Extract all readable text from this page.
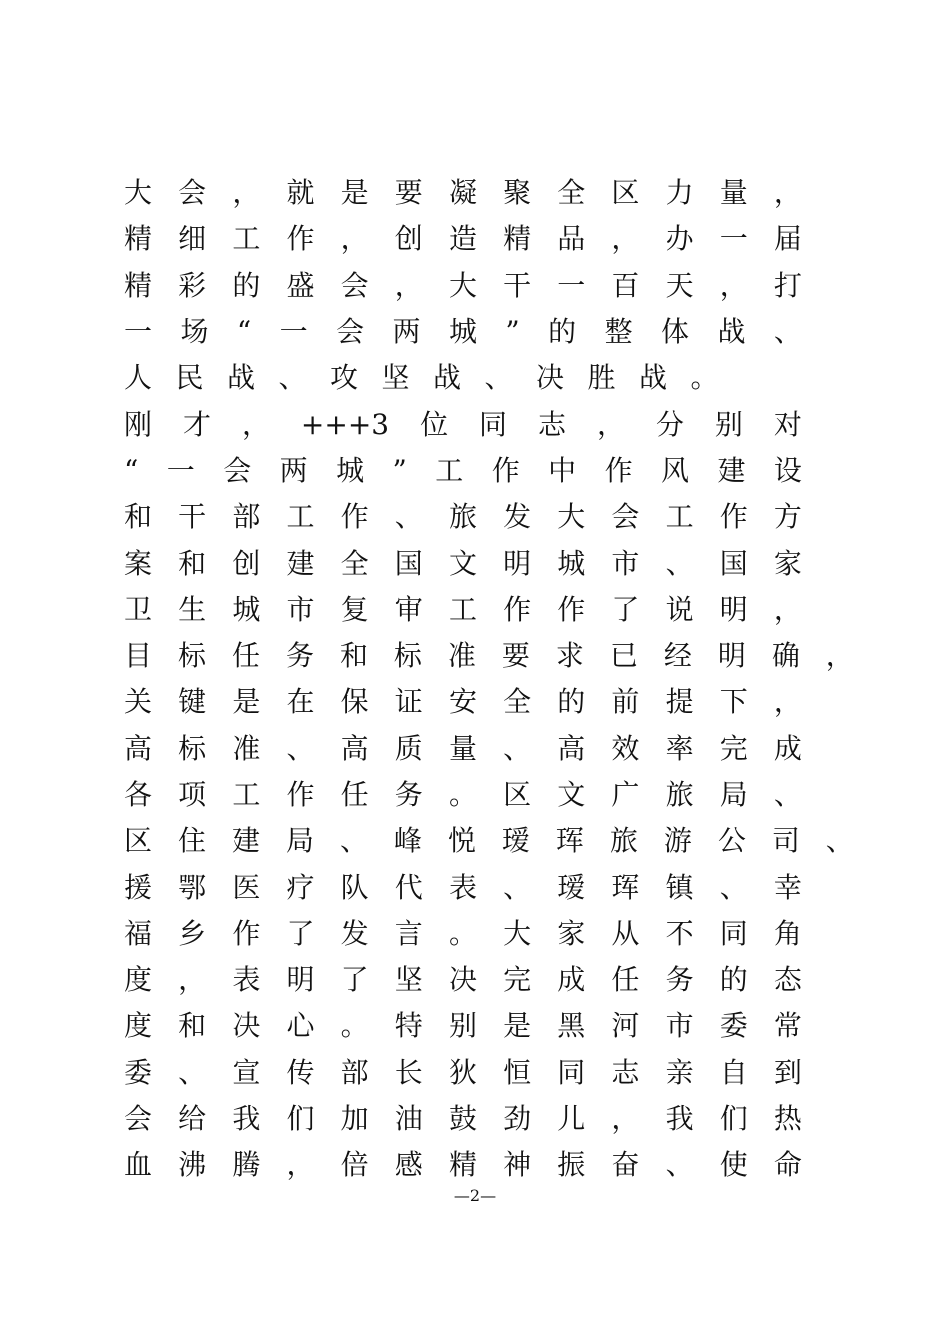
大 会 ， 就 是 要 凝 聚 全 区 力 量 ，
精 细 工 作 ， 创 造 精 品 ， 办 一 届
精 彩 的 盛 会 ， 大 干 一 百 天 ， 打
一 场 “ 一 会 两 城 ” 的 整 体 战 、
人 民 战 、 攻 坚 战 、 决 胜 战 。
刚 才 ， +++3 位 同 志 ， 分 别 对
“ 一 会 两 城 ” 工 作 中 作 风 建 设
和 干 部 工 作 、 旅 发 大 会 工 作 方
案 和 创 建 全 国 文 明 城 市 、 国 家
卫 生 城 市 复 审 工 作 作 了 说 明 ，
目 标 任 务 和 标 准 要 求 已 经 明 确 ，
关 键 是 在 保 证 安 全 的 前 提 下 ，
高 标 准 、 高 质 量 、 高 效 率 完 成
各 项 工 作 任 务 。 区 文 广 旅 局 、
区 住 建 局 、 峰 悦 瑷 珲 旅 游 公 司 、
援 鄂 医 疗 队 代 表 、 瑷 珲 镇 、 幸
福 乡 作 了 发 言 。 大 家 从 不 同 角
度 ， 表 明 了 坚 决 完 成 任 务 的 态
度 和 决 心 。 特 别 是 黑 河 市 委 常
委 、 宣 传 部 长 狄 恒 同 志 亲 自 到
会 给 我 们 加 油 鼓 劲 儿 ， 我 们 热
血 沸 腾 ， 倍 感 精 神 振 奋 、 使 命
—2—
